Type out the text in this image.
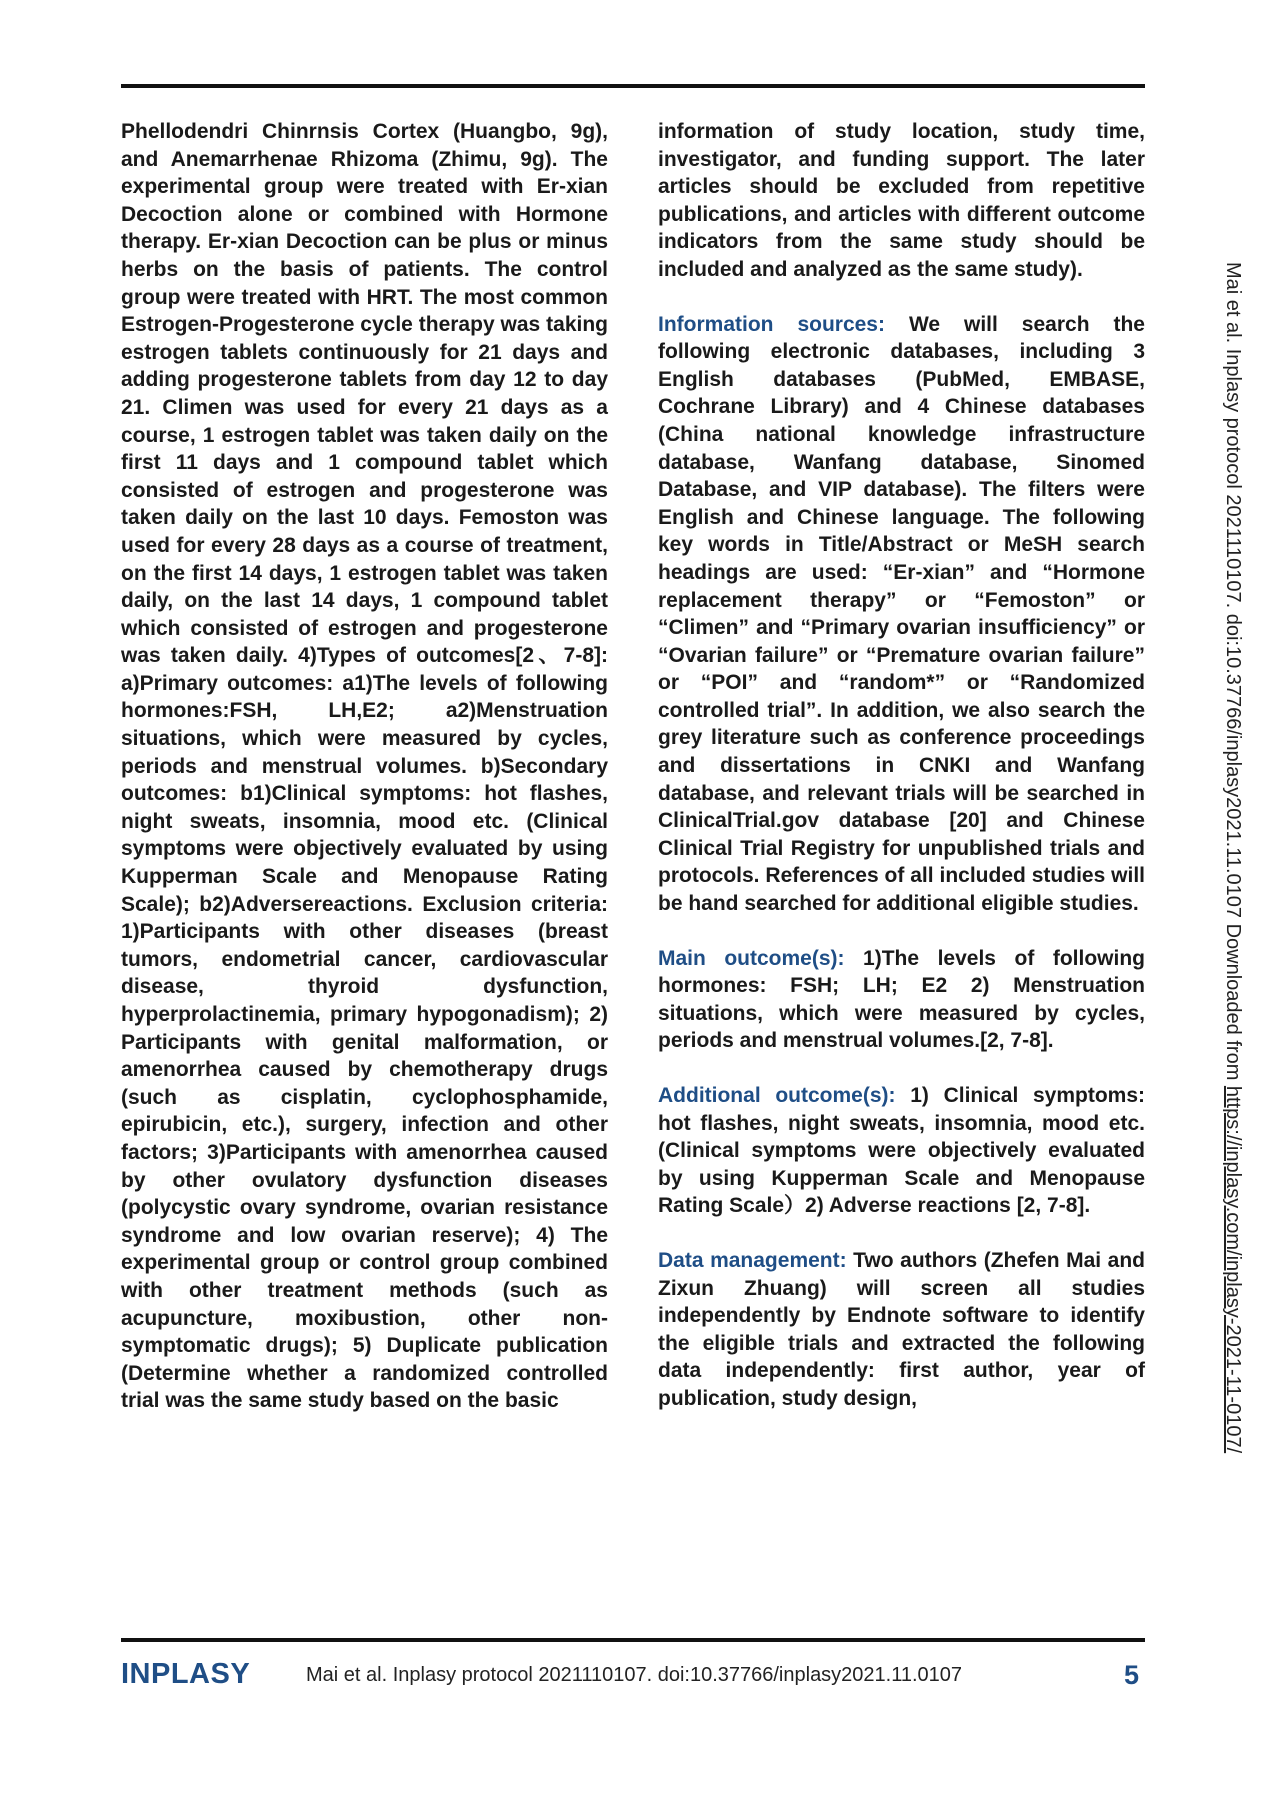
Phellodendri Chinrnsis Cortex (Huangbo, 9g), and Anemarrhenae Rhizoma (Zhimu, 9g). The experimental group were treated with Er-xian Decoction alone or combined with Hormone therapy. Er-xian Decoction can be plus or minus herbs on the basis of patients. The control group were treated with HRT. The most common Estrogen-Progesterone cycle therapy was taking estrogen tablets continuously for 21 days and adding progesterone tablets from day 12 to day 21. Climen was used for every 21 days as a course, 1 estrogen tablet was taken daily on the first 11 days and 1 compound tablet which consisted of estrogen and progesterone was taken daily on the last 10 days. Femoston was used for every 28 days as a course of treatment, on the first 14 days, 1 estrogen tablet was taken daily, on the last 14 days, 1 compound tablet which consisted of estrogen and progesterone was taken daily. 4)Types of outcomes[2、7-8]: a)Primary outcomes: a1)The levels of following hormones:FSH, LH,E2; a2)Menstruation situations, which were measured by cycles, periods and menstrual volumes. b)Secondary outcomes: b1)Clinical symptoms: hot flashes, night sweats, insomnia, mood etc. (Clinical symptoms were objectively evaluated by using Kupperman Scale and Menopause Rating Scale); b2)Adversereactions. Exclusion criteria: 1)Participants with other diseases (breast tumors, endometrial cancer, cardiovascular disease, thyroid dysfunction, hyperprolactinemia, primary hypogonadism); 2) Participants with genital malformation, or amenorrhea caused by chemotherapy drugs (such as cisplatin, cyclophosphamide, epirubicin, etc.), surgery, infection and other factors; 3)Participants with amenorrhea caused by other ovulatory dysfunction diseases (polycystic ovary syndrome, ovarian resistance syndrome and low ovarian reserve); 4) The experimental group or control group combined with other treatment methods (such as acupuncture, moxibustion, other non-symptomatic drugs); 5) Duplicate publication (Determine whether a randomized controlled trial was the same study based on the basic

information of study location, study time, investigator, and funding support. The later articles should be excluded from repetitive publications, and articles with different outcome indicators from the same study should be included and analyzed as the same study).

Information sources: We will search the following electronic databases, including 3 English databases (PubMed, EMBASE, Cochrane Library) and 4 Chinese databases (China national knowledge infrastructure database, Wanfang database, Sinomed Database, and VIP database). The filters were English and Chinese language. The following key words in Title/Abstract or MeSH search headings are used: “Er-xian” and “Hormone replacement therapy” or “Femoston” or “Climen” and “Primary ovarian insufficiency” or “Ovarian failure” or “Premature ovarian failure” or “POI” and “random*” or “Randomized controlled trial”. In addition, we also search the grey literature such as conference proceedings and dissertations in CNKI and Wanfang database, and relevant trials will be searched in ClinicalTrial.gov database [20] and Chinese Clinical Trial Registry for unpublished trials and protocols. References of all included studies will be hand searched for additional eligible studies.

Main outcome(s): 1)The levels of following hormones: FSH; LH; E2 2) Menstruation situations, which were measured by cycles, periods and menstrual volumes.[2, 7-8].

Additional outcome(s): 1) Clinical symptoms: hot flashes, night sweats, insomnia, mood etc. (Clinical symptoms were objectively evaluated by using Kupperman Scale and Menopause Rating Scale）2) Adverse reactions [2, 7-8].

Data management: Two authors (Zhefen Mai and Zixun Zhuang) will screen all studies independently by Endnote software to identify the eligible trials and extracted the following data independently: first author, year of publication, study design,

INPLASY	Mai et al. Inplasy protocol 2021110107. doi:10.37766/inplasy2021.11.0107	5
Mai et al. Inplasy protocol 2021110107. doi:10.37766/inplasy2021.11.0107 Downloaded from https://inplasy.com/inplasy-2021-11-0107/
